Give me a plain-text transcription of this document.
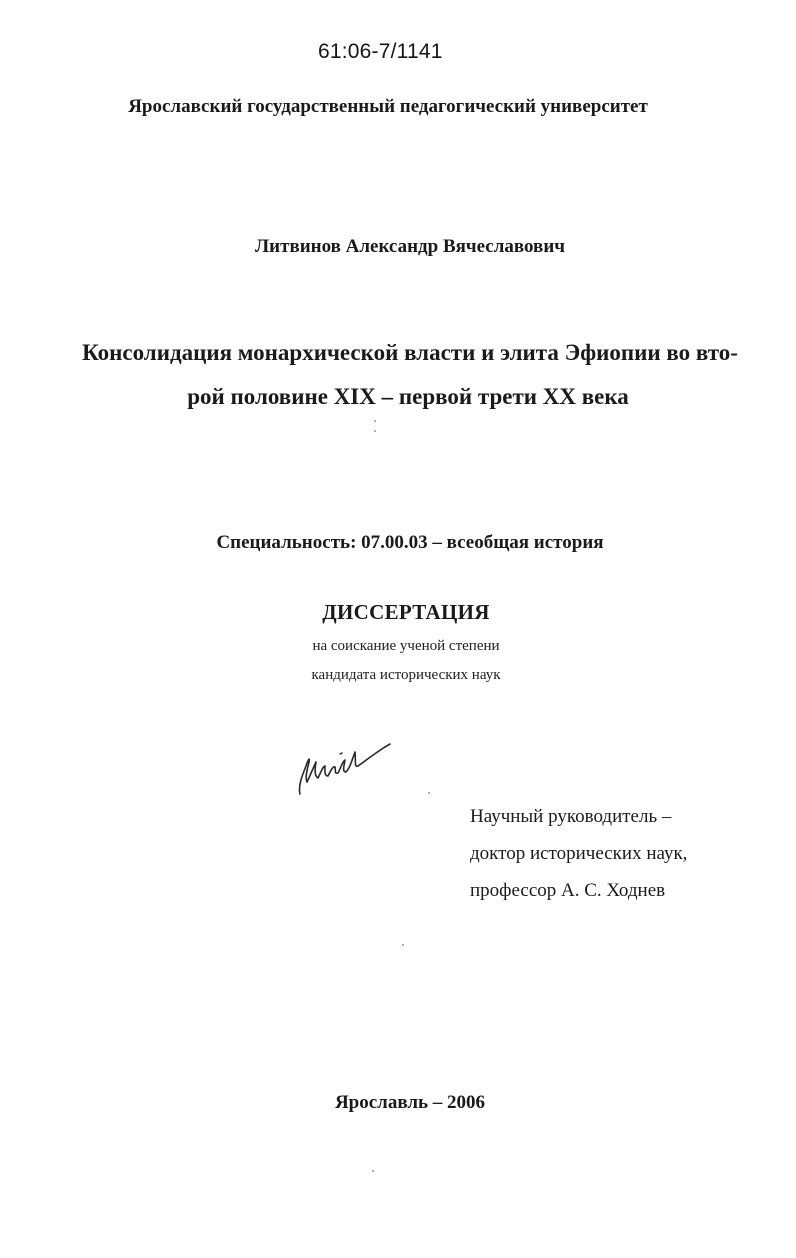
61:06-7/1141
Ярославский государственный педагогический университет
Литвинов Александр Вячеславович
Консолидация монархической власти и элита Эфиопии во вто-
рой половине XIX – первой трети XX века
Специальность: 07.00.03 – всеобщая история
ДИССЕРТАЦИЯ
на соискание ученой степени
кандидата исторических наук
Научный руководитель –
доктор исторических наук,
профессор А. С. Ходнев
Ярославль – 2006
